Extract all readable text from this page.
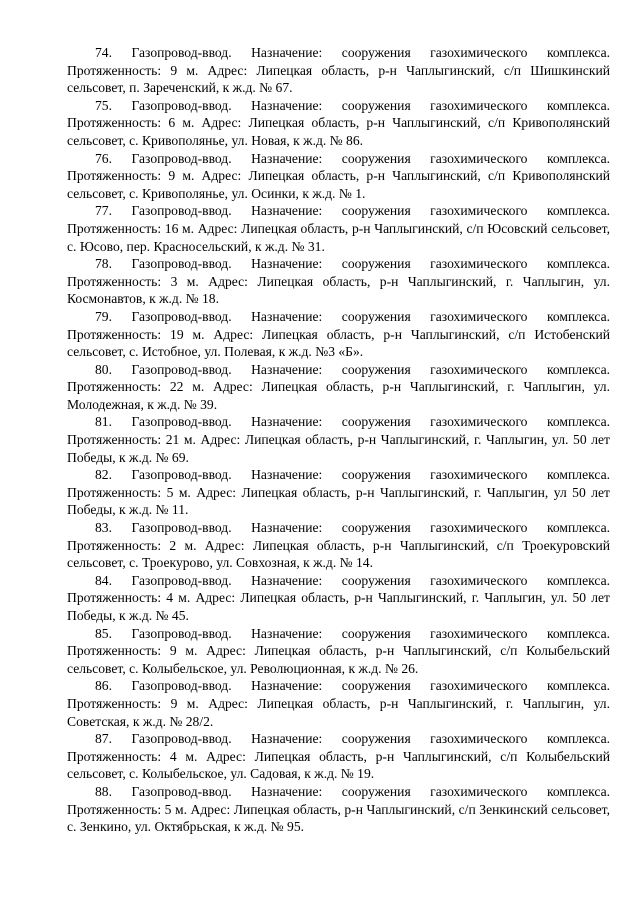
74. Газопровод-ввод. Назначение: сооружения газохимического комплекса. Протяженность: 9 м. Адрес: Липецкая область, р-н Чаплыгинский, с/п Шишкинский сельсовет, п. Зареченский, к ж.д. № 67.

75. Газопровод-ввод. Назначение: сооружения газохимического комплекса. Протяженность: 6 м. Адрес: Липецкая область, р-н Чаплыгинский, с/п Кривополянский сельсовет, с. Кривополянье, ул. Новая, к ж.д. № 86.

76. Газопровод-ввод. Назначение: сооружения газохимического комплекса. Протяженность: 9 м. Адрес: Липецкая область, р-н Чаплыгинский, с/п Кривополянский сельсовет, с. Кривополянье, ул. Осинки, к ж.д. № 1.

77. Газопровод-ввод. Назначение: сооружения газохимического комплекса. Протяженность: 16 м. Адрес: Липецкая область, р-н Чаплыгинский, с/п Юсовский сельсовет, с. Юсово, пер. Красносельский, к ж.д. № 31.

78. Газопровод-ввод. Назначение: сооружения газохимического комплекса. Протяженность: 3 м. Адрес: Липецкая область, р-н Чаплыгинский, г. Чаплыгин, ул. Космонавтов, к ж.д. № 18.

79. Газопровод-ввод. Назначение: сооружения газохимического комплекса. Протяженность: 19 м. Адрес: Липецкая область, р-н Чаплыгинский, с/п Истобенский сельсовет, с. Истобное, ул. Полевая, к ж.д. №3 «Б».

80. Газопровод-ввод. Назначение: сооружения газохимического комплекса. Протяженность: 22 м. Адрес: Липецкая область, р-н Чаплыгинский, г. Чаплыгин, ул. Молодежная, к ж.д. № 39.

81. Газопровод-ввод. Назначение: сооружения газохимического комплекса. Протяженность: 21 м. Адрес: Липецкая область, р-н Чаплыгинский, г. Чаплыгин, ул. 50 лет Победы, к ж.д. № 69.

82. Газопровод-ввод. Назначение: сооружения газохимического комплекса. Протяженность: 5 м. Адрес: Липецкая область, р-н Чаплыгинский, г. Чаплыгин, ул 50 лет Победы, к ж.д. № 11.

83. Газопровод-ввод. Назначение: сооружения газохимического комплекса. Протяженность: 2 м. Адрес: Липецкая область, р-н Чаплыгинский, с/п Троекуровский сельсовет, с. Троекурово, ул. Совхозная, к ж.д. № 14.

84. Газопровод-ввод. Назначение: сооружения газохимического комплекса. Протяженность: 4 м. Адрес: Липецкая область, р-н Чаплыгинский, г. Чаплыгин, ул. 50 лет Победы, к ж.д. № 45.

85. Газопровод-ввод. Назначение: сооружения газохимического комплекса. Протяженность: 9 м. Адрес: Липецкая область, р-н Чаплыгинский, с/п Колыбельский сельсовет, с. Колыбельское, ул. Революционная, к ж.д. № 26.

86. Газопровод-ввод. Назначение: сооружения газохимического комплекса. Протяженность: 9 м. Адрес: Липецкая область, р-н Чаплыгинский, г. Чаплыгин, ул. Советская, к ж.д. № 28/2.

87. Газопровод-ввод. Назначение: сооружения газохимического комплекса. Протяженность: 4 м. Адрес: Липецкая область, р-н Чаплыгинский, с/п Колыбельский сельсовет, с. Колыбельское, ул. Садовая, к ж.д. № 19.

88. Газопровод-ввод. Назначение: сооружения газохимического комплекса. Протяженность: 5 м. Адрес: Липецкая область, р-н Чаплыгинский, с/п Зенкинский сельсовет, с. Зенкино, ул. Октябрьская, к ж.д. № 95.
